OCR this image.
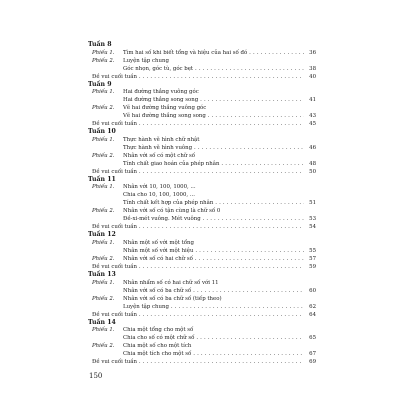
Tuần 8
Phiếu 1. Tìm hai số khi biết tổng và hiệu của hai số đó . . .	36
Phiếu 2. Luyện tập chung
Góc nhọn, góc tù, góc bẹt . . .	38
Đề vui cuối tuần . . .	40
Tuần 9
Phiếu 1. Hai đường thẳng vuông góc
Hai đường thẳng song song . . .	41
Phiếu 2. Vẽ hai đường thẳng vuông góc
Vẽ hai đường thẳng song song . . .	43
Đề vui cuối tuần . . .	45
Tuần 10
Phiếu 1. Thực hành vẽ hình chữ nhật
Thực hành vẽ hình vuông . . .	46
Phiếu 2. Nhân với số có một chữ số
Tính chất giao hoán của phép nhân . . .	48
Đề vui cuối tuần . . .	50
Tuần 11
Phiếu 1. Nhân với 10, 100, 1000, ...
Chia cho 10, 100, 1000, ...
Tính chất kết hợp của phép nhân . . .	51
Phiếu 2. Nhân với số có tận cùng là chữ số 0
Đề-xi-mét vuông. Mét vuông . . .	53
Đề vui cuối tuần . . .	54
Tuần 12
Phiếu 1. Nhân một số với một tổng
Nhân một số với một hiệu . . .	55
Phiếu 2. Nhân với số có hai chữ số . . .	57
Đề vui cuối tuần . . .	59
Tuần 13
Phiếu 1. Nhân nhẩm số có hai chữ số với 11
Nhân với số có ba chữ số . . .	60
Phiếu 2. Nhân với số có ba chữ số (tiếp theo)
Luyện tập chung . . .	62
Đề vui cuối tuần . . .	64
Tuần 14
Phiếu 1. Chia một tổng cho một số
Chia cho số có một chữ số . . .	65
Phiếu 2. Chia một số cho một tích
Chia một tích cho một số . . .	67
Đề vui cuối tuần . . .	69
150
